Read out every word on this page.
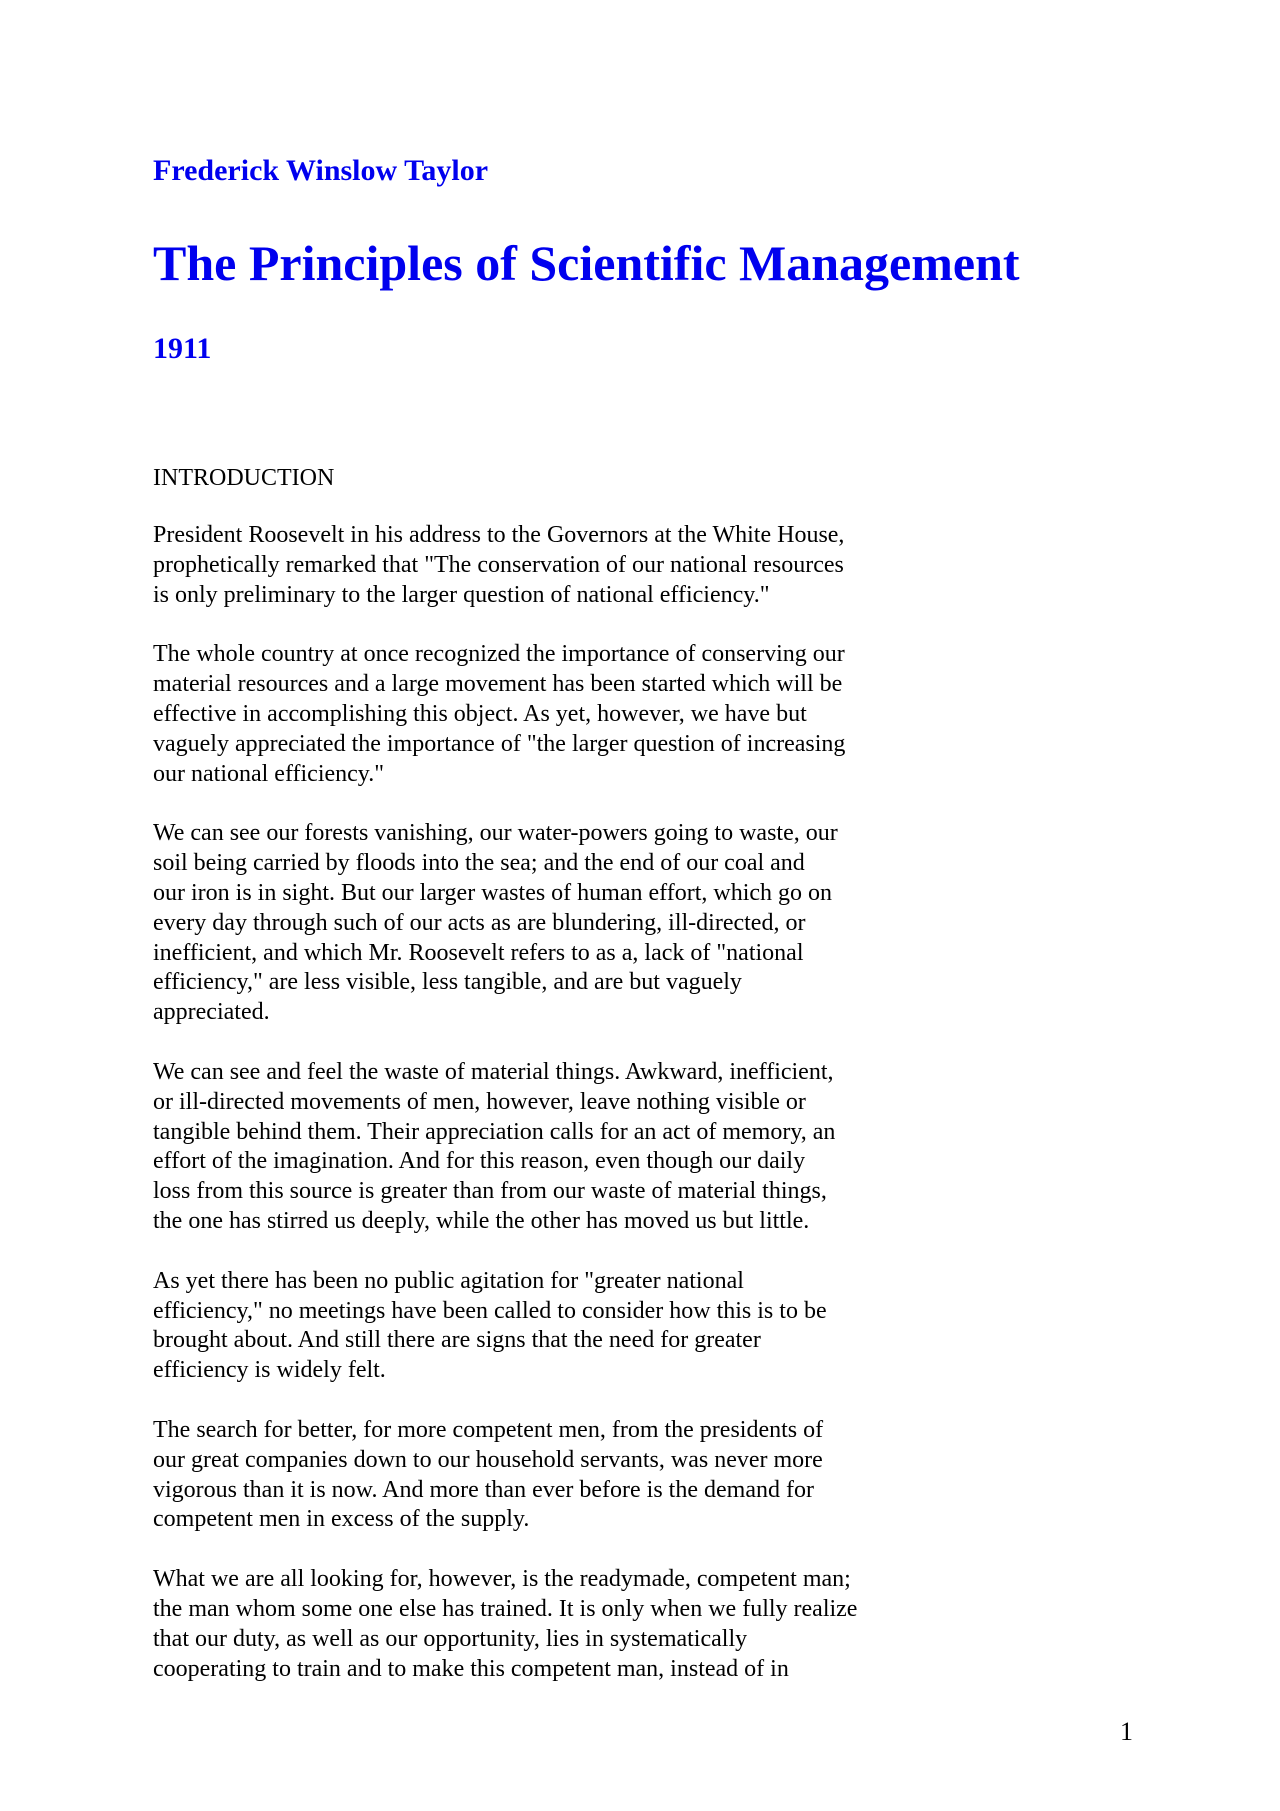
Frederick Winslow Taylor
The Principles of Scientific Management
1911
INTRODUCTION

President Roosevelt in his address to the Governors at the White House,
prophetically remarked that "The conservation of our national resources
is only preliminary to the larger question of national efficiency."

The whole country at once recognized the importance of conserving our
material resources and a large movement has been started which will be
effective in accomplishing this object. As yet, however, we have but
vaguely appreciated the importance of "the larger question of increasing
our national efficiency."

We can see our forests vanishing, our water-powers going to waste, our
soil being carried by floods into the sea; and the end of our coal and
our iron is in sight. But our larger wastes of human effort, which go on
every day through such of our acts as are blundering, ill-directed, or
inefficient, and which Mr. Roosevelt refers to as a, lack of "national
efficiency," are less visible, less tangible, and are but vaguely
appreciated.

We can see and feel the waste of material things. Awkward, inefficient,
or ill-directed movements of men, however, leave nothing visible or
tangible behind them. Their appreciation calls for an act of memory, an
effort of the imagination. And for this reason, even though our daily
loss from this source is greater than from our waste of material things,
the one has stirred us deeply, while the other has moved us but little.

As yet there has been no public agitation for "greater national
efficiency," no meetings have been called to consider how this is to be
brought about. And still there are signs that the need for greater
efficiency is widely felt.

The search for better, for more competent men, from the presidents of
our great companies down to our household servants, was never more
vigorous than it is now. And more than ever before is the demand for
competent men in excess of the supply.

What we are all looking for, however, is the readymade, competent man;
the man whom some one else has trained. It is only when we fully realize
that our duty, as well as our opportunity, lies in systematically
cooperating to train and to make this competent man, instead of in

1
